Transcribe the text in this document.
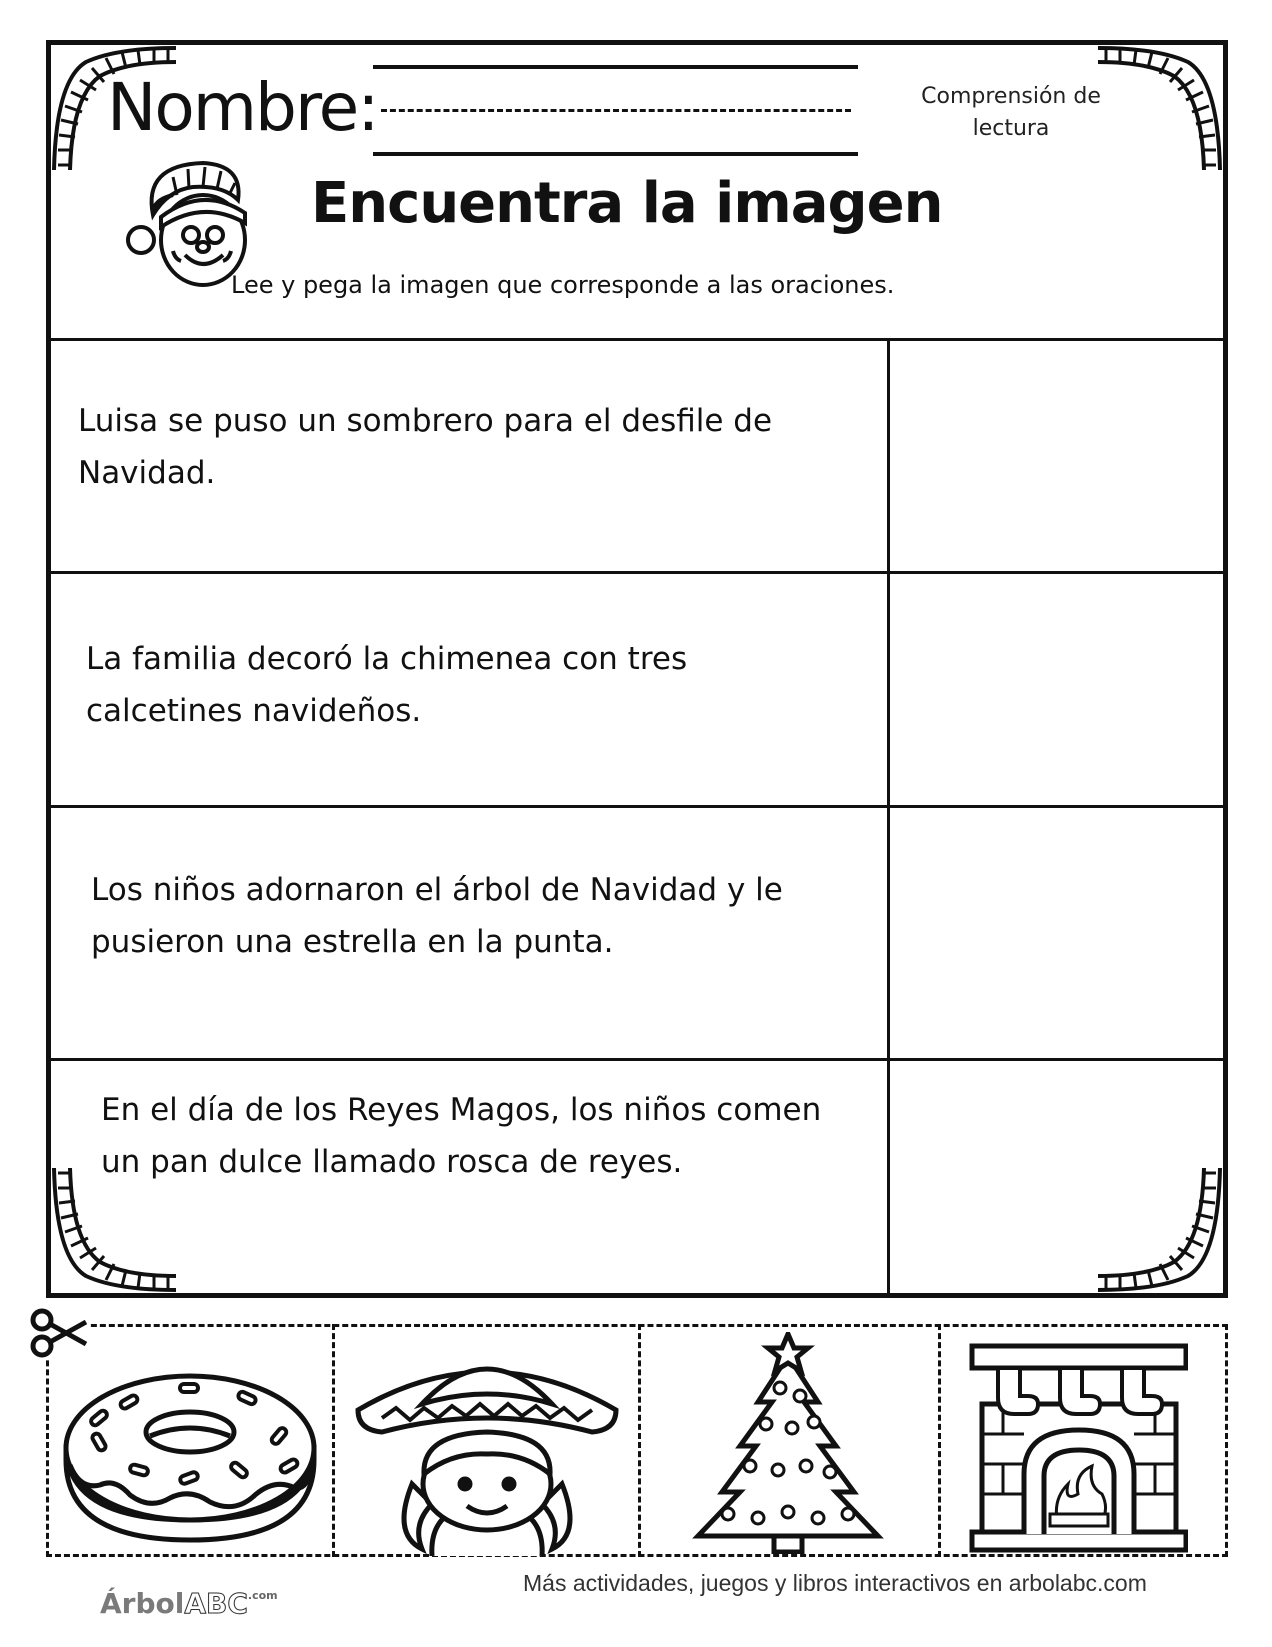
Nombre:	Comprensión de
lectura
Encuentra la imagen
Lee y pega la imagen que corresponde a las oraciones.
Luisa se puso un sombrero para el desfile de
Navidad.
La familia decoró la chimenea con tres
calcetines navideños.
Los niños adornaron el árbol de Navidad y le
pusieron una estrella en la punta.
En el día de los Reyes Magos, los niños comen
un pan dulce llamado rosca de reyes.
ÁrbolABC$^{.com}$	Más actividades, juegos y libros interactivos en arbolabc.com
